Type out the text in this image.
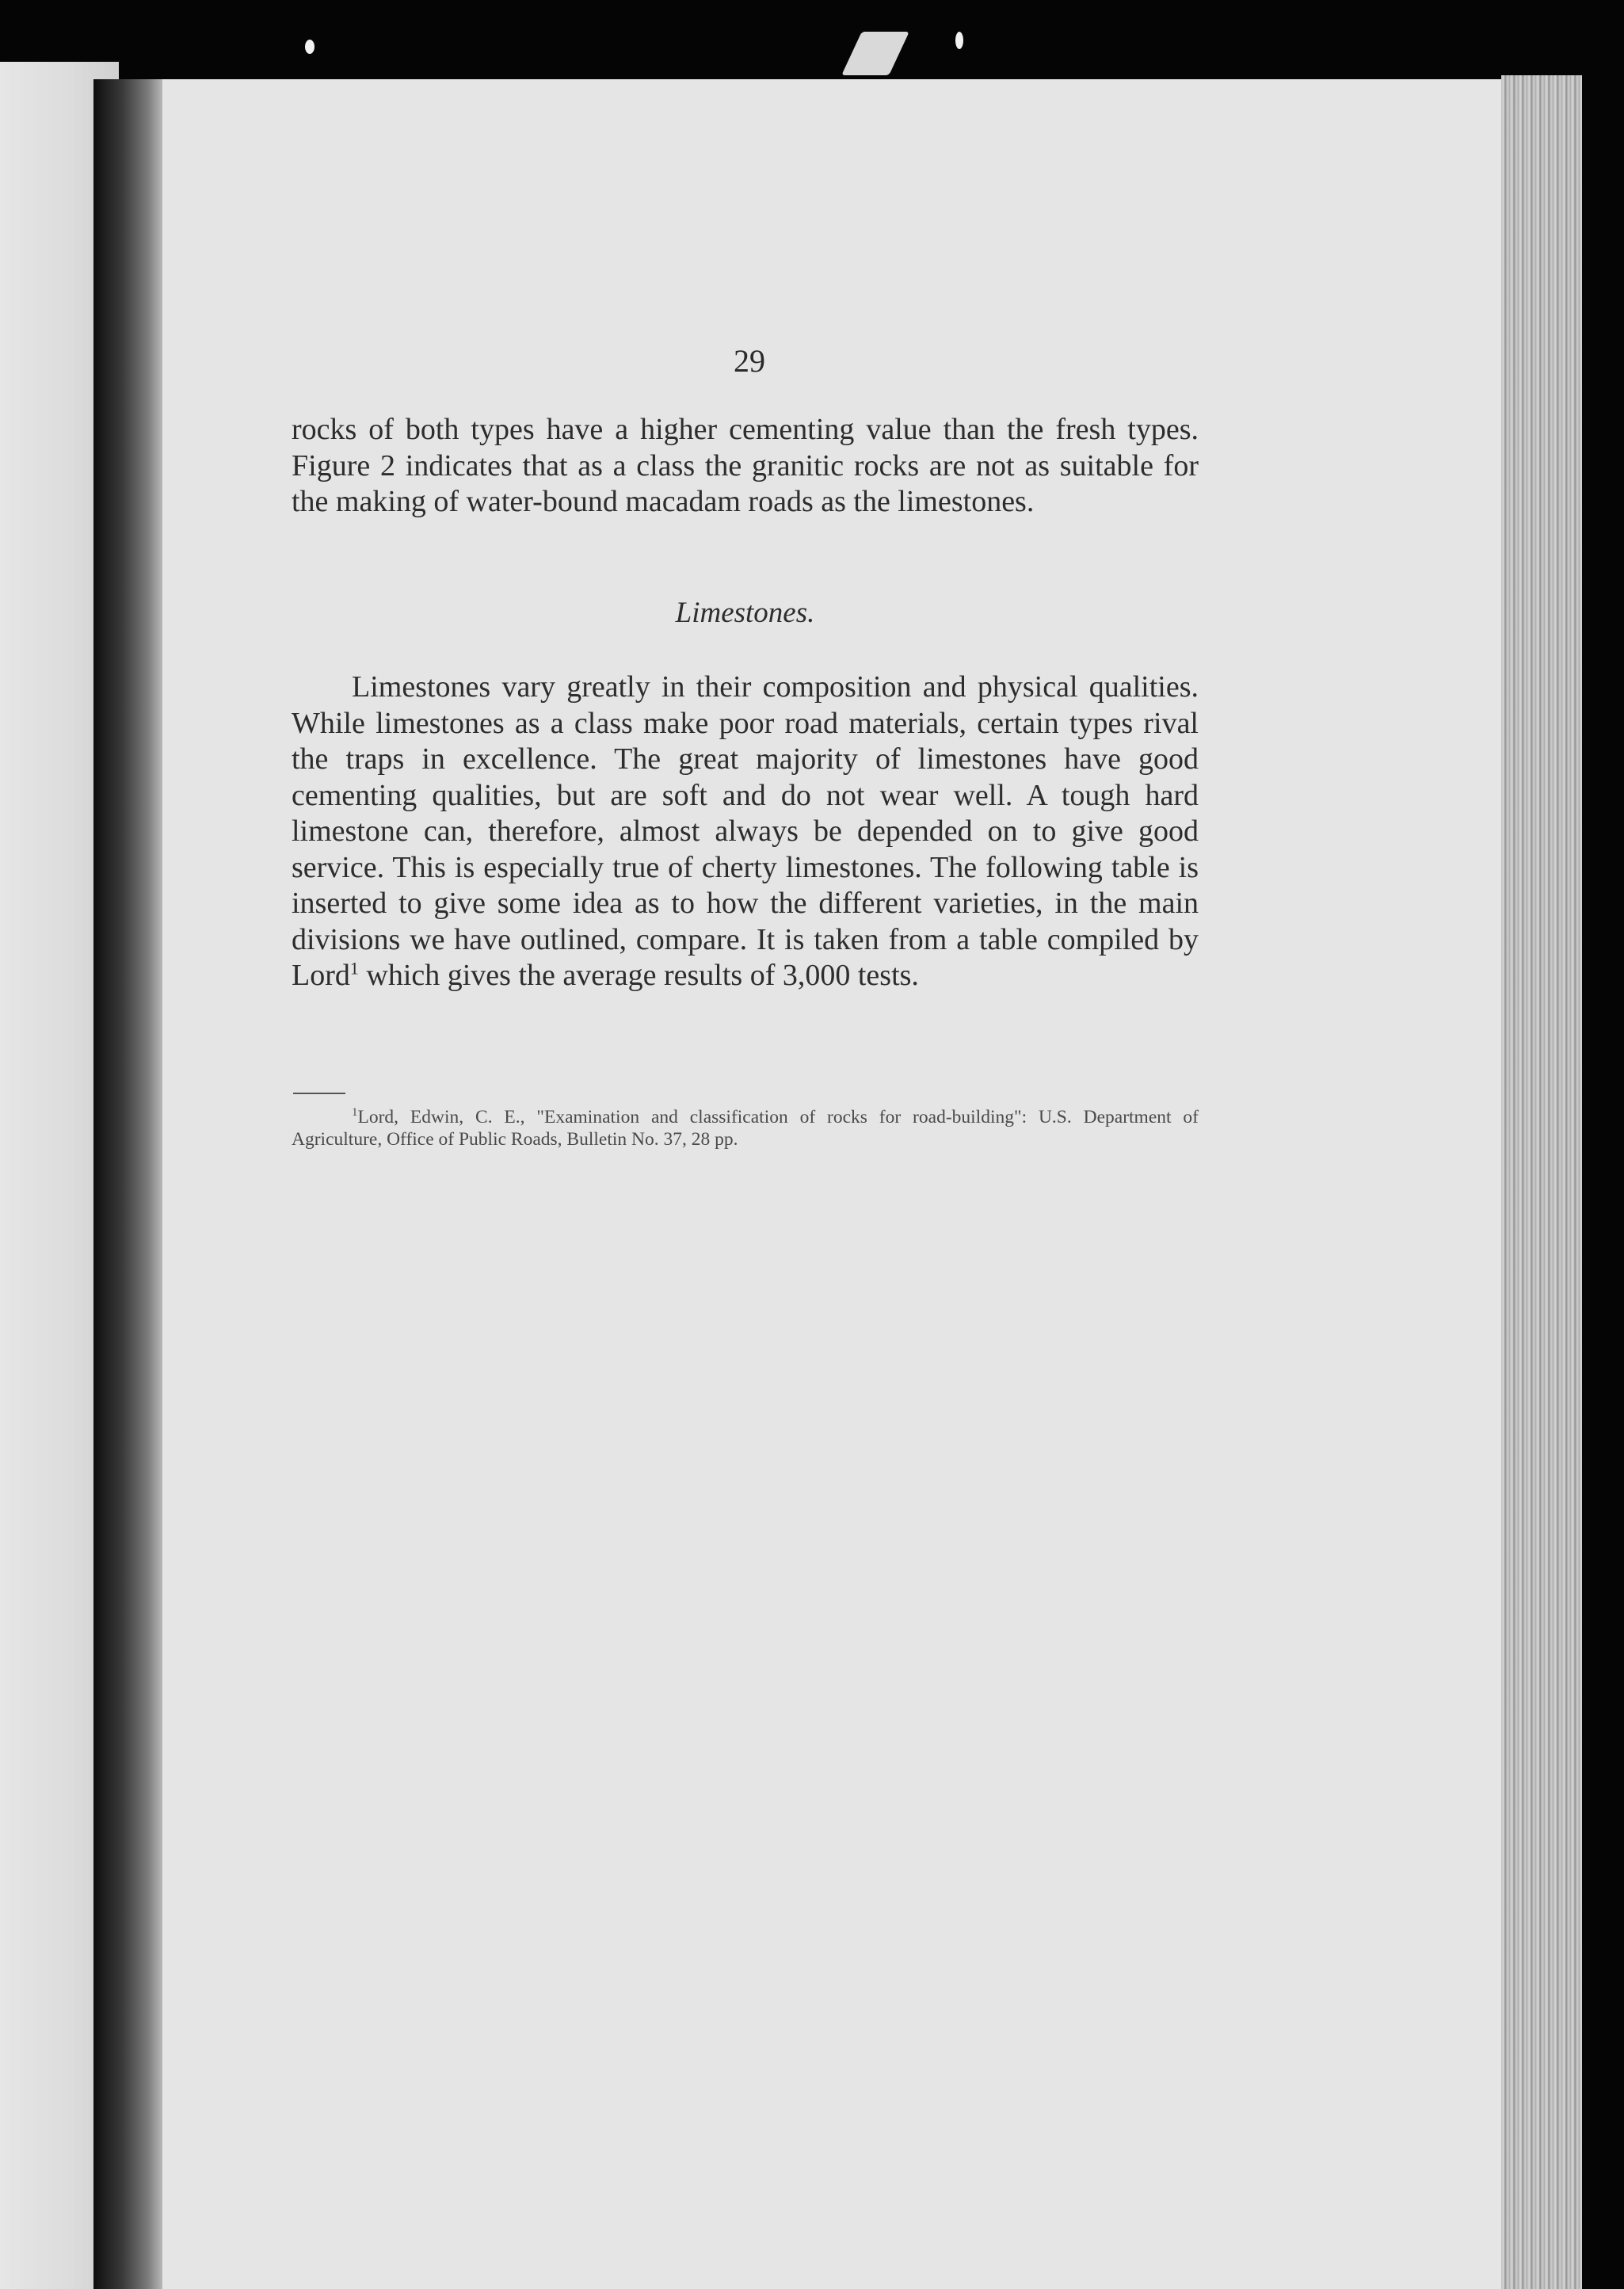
29

rocks of both types have a higher cementing value than the fresh types. Figure 2 indicates that as a class the granitic rocks are not as suitable for the making of water-bound macadam roads as the limestones.

Limestones.

Limestones vary greatly in their composition and physical qualities. While limestones as a class make poor road materials, certain types rival the traps in excellence. The great majority of limestones have good cementing qualities, but are soft and do not wear well. A tough hard limestone can, therefore, almost always be depended on to give good service. This is especially true of cherty limestones. The following table is inserted to give some idea as to how the different varieties, in the main divisions we have outlined, compare. It is taken from a table compiled by Lord$^1$ which gives the average results of 3,000 tests.

$^1$Lord, Edwin, C. E., "Examination and classification of rocks for road-building": U.S. Department of Agriculture, Office of Public Roads, Bulletin No. 37, 28 pp.
